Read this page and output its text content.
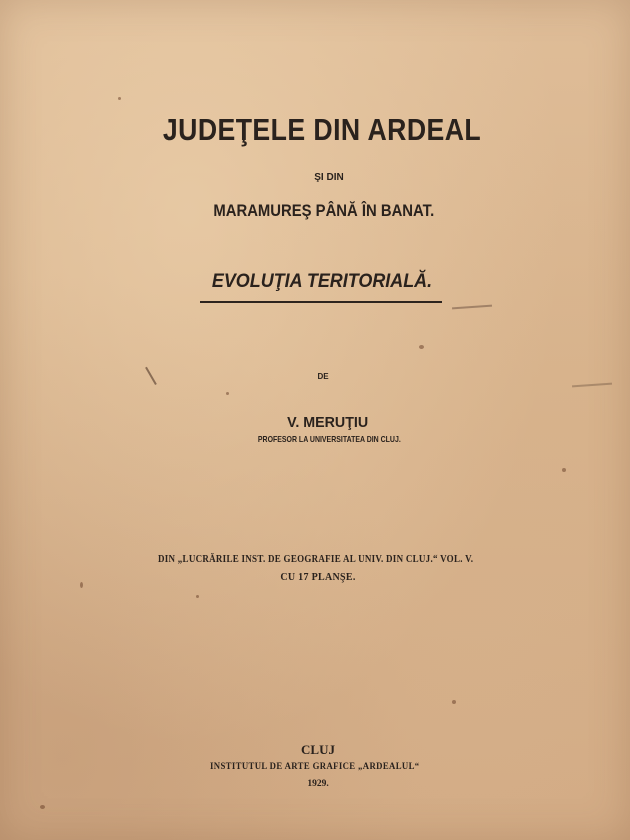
JUDEŢELE DIN ARDEAL
ŞI DIN
MARAMUREŞ PÂNĂ ÎN BANAT.
EVOLUŢIA TERITORIALĂ.
DE
V. MERUŢIU
PROFESOR LA UNIVERSITATEA DIN CLUJ.
DIN „LUCRĂRILE INST. DE GEOGRAFIE AL UNIV. DIN CLUJ.“ VOL. V.
CU 17 PLANŞE.
CLUJ
INSTITUTUL DE ARTE GRAFICE „ARDEALUL“
1929.
